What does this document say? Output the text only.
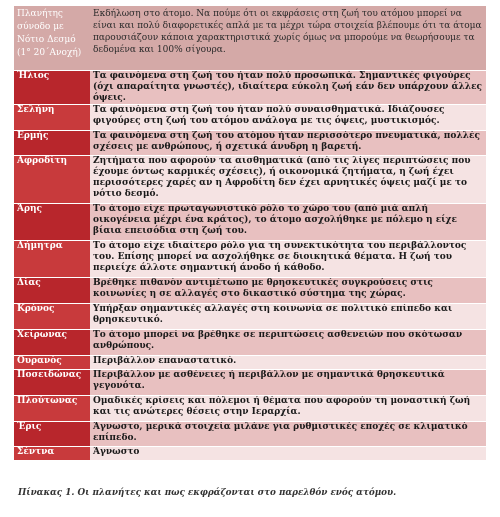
Πλανήτης σύνοδο με Νότιο Δεσμό (1° 20΄Ανοχή)	Εκδήλωση στο άτομο. Να πούμε ότι οι εκφράσεις στη ζωή του ατόμου μπορεί να είναι και πολύ διαφορετικές απλά με τα μέχρι τώρα στοιχεία βλέπουμε ότι τα άτομα παρουσιάζουν κάποια χαρακτηριστικά χωρίς όμως να μπορούμε να θεωρήσουμε τα δεδομένα και 100% σίγουρα.
Ήλιος	Τα φαινόμενα στη ζωή του ήταν πολύ προσωπικά. Σημαντικές φιγούρες (όχι απαραίτητα γνωστές), ιδιαίτερα εύκολη ζωή εάν δεν υπάρχουν άλλες όψεις.
Σελήνη	Τα φαινόμενα στη ζωή του ήταν πολύ συναισθηματικά. Ιδιάζουσες φιγούρες στη ζωή του ατόμου ανάλογα με τις όψεις, μυστικισμός.
Ερμής	Τα φαινόμενα στη ζωή του ατόμου ήταν περισσότερο πνευματικά, πολλές σχέσεις με ανθρώπους, ή σχετικά άνυδρη η βαρετή.
Αφροδίτη	Ζητήματα που αφορούν τα αισθηματικά (από τις λίγες περιπτώσεις που έχουμε όντως καρμικές σχέσεις), ή οικονομικά ζητήματα, η ζωή έχει περισσότερες χαρές αν η Αφροδίτη δεν έχει αρνητικές όψεις μαζί με το νότιο δεσμό.
Άρης	Το άτομο είχε πρωταγωνιστικό ρόλο το χώρο του (από μιά απλή οικογένεια μέχρι ένα κράτος), το άτομο ασχολήθηκε με πόλεμο η είχε βίαια επεισόδια στη ζωή του.
Δήμητρα	Το άτομο είχε ιδιαίτερο ρόλο για τη συνεκτικότητα του περιβάλλοντος του. Επίσης μπορεί να ασχολήθηκε σε διοικητικά θέματα. Η ζωή του περιείχε άλλοτε σημαντική άνοδο ή κάθοδο.
Δίας	Βρέθηκε πιθανόν αντιμέτωπο με θρησκευτικές συγκρούσεις στις κοινωνίες η σε αλλαγές στο δικαστικό σύστημα της χώρας.
Κρόνος	Υπήρξαν σημαντικές αλλαγές στη κοινωνία σε πολιτικό επίπεδο και θρησκευτικό.
Χείρωνας	Το άτομο μπορεί να βρέθηκε σε περιπτώσεις ασθενειών που σκότωσαν ανθρώπους.
Ουρανός	Περιβάλλον επαναστατικό.
Ποσειδώνας	Περιβάλλον με ασθένειες ή περιβάλλον με σημαντικά θρησκευτικά γεγονότα.
Πλούτωνας	Ομαδικές κρίσεις και πόλεμοι ή θέματα που αφορούν τη μοναστική ζωή και τις ανώτερες θέσεις στην Ιεραρχία.
Έρις	Άγνωστο, μερικά στοιχεία μιλάνε για ρυθμιστικές εποχές σε κλιματικό επίπεδο.
Σέντνα	Άγνωστο
Πίνακας 1. Οι πλανήτες και πως εκφράζονται στο παρελθόν ενός ατόμου.
